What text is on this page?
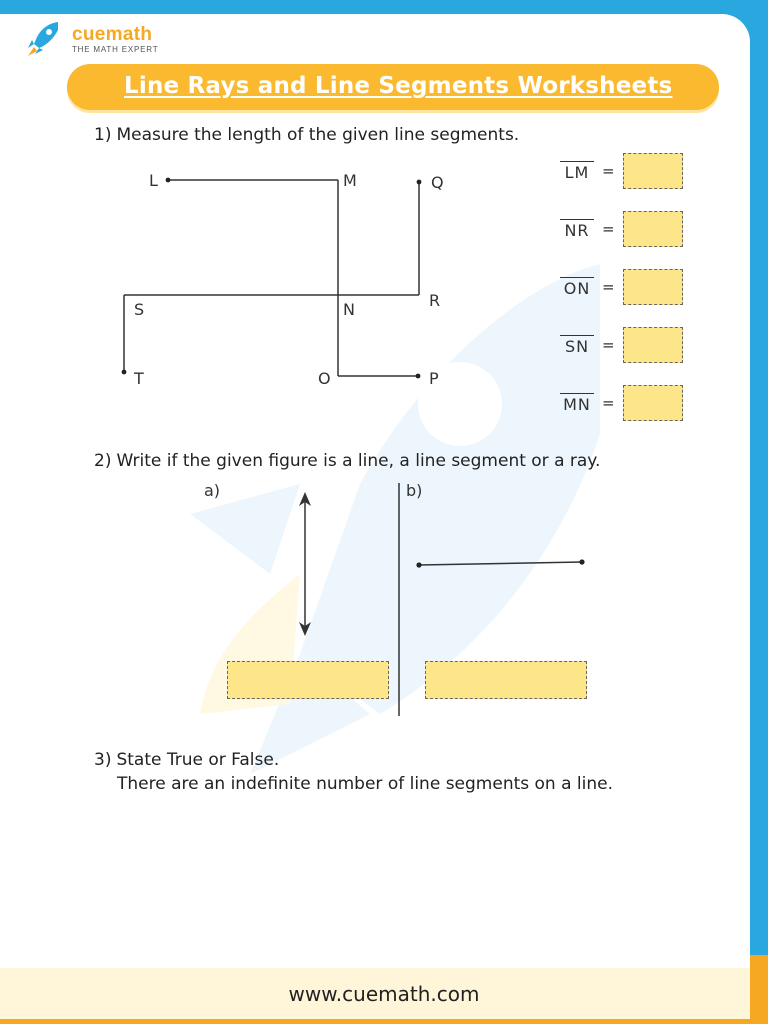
cuemath
THE MATH EXPERT
Line Rays and Line Segments Worksheets
1) Measure the length of the given line segments.
L	M	Q
S	N	R
T	O	P
a)	b)
LM =
NR =
ON =
SN =
MN =
2) Write if the given figure is a line, a line segment or a ray.
3) State True or False.
There are an indefinite number of line segments on a line.
www.cuemath.com
